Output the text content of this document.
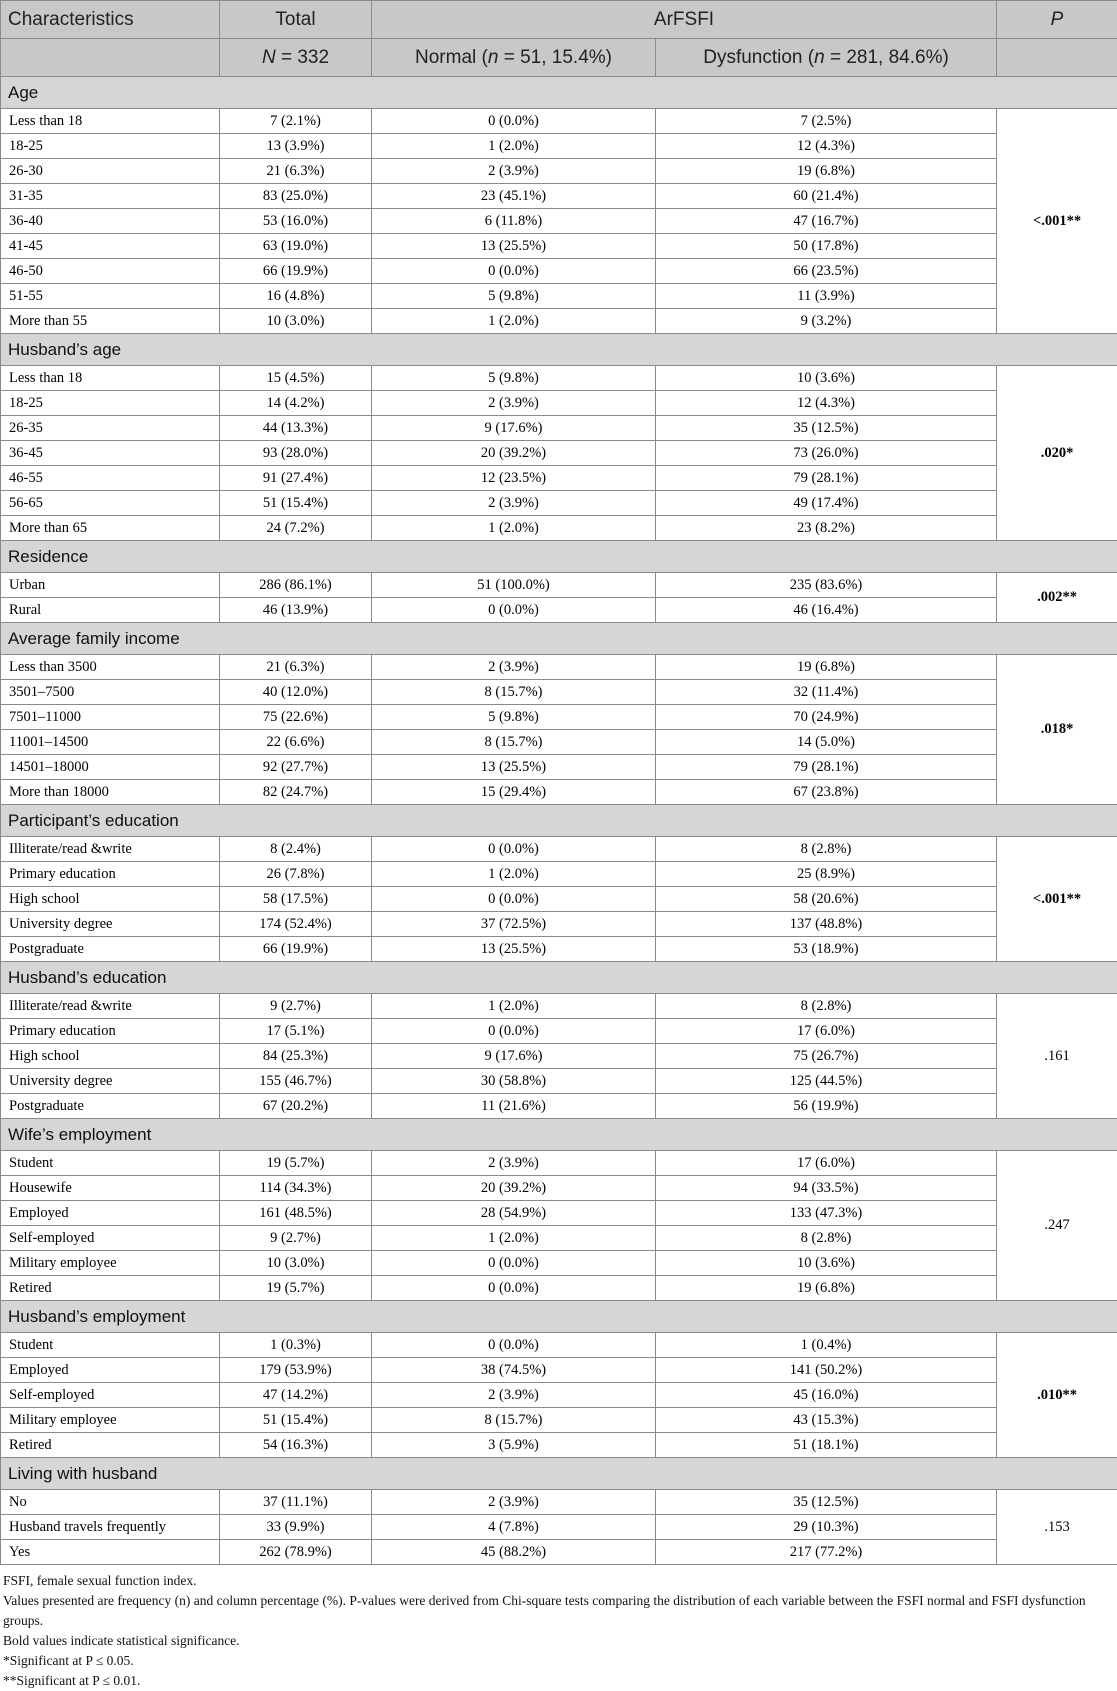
Characteristics	Total	ArFSFI		P
	N = 332	Normal (n = 51, 15.4%)	Dysfunction (n = 281, 84.6%)	
Age				
Less than 18	7 (2.1%)	0 (0.0%)	7 (2.5%)	<.001**
18-25	13 (3.9%)	1 (2.0%)	12 (4.3%)	
26-30	21 (6.3%)	2 (3.9%)	19 (6.8%)	
31-35	83 (25.0%)	23 (45.1%)	60 (21.4%)	
36-40	53 (16.0%)	6 (11.8%)	47 (16.7%)	
41-45	63 (19.0%)	13 (25.5%)	50 (17.8%)	
46-50	66 (19.9%)	0 (0.0%)	66 (23.5%)	
51-55	16 (4.8%)	5 (9.8%)	11 (3.9%)	
More than 55	10 (3.0%)	1 (2.0%)	9 (3.2%)	
Husband’s age				
Less than 18	15 (4.5%)	5 (9.8%)	10 (3.6%)	.020*
18-25	14 (4.2%)	2 (3.9%)	12 (4.3%)	
26-35	44 (13.3%)	9 (17.6%)	35 (12.5%)	
36-45	93 (28.0%)	20 (39.2%)	73 (26.0%)	
46-55	91 (27.4%)	12 (23.5%)	79 (28.1%)	
56-65	51 (15.4%)	2 (3.9%)	49 (17.4%)	
More than 65	24 (7.2%)	1 (2.0%)	23 (8.2%)	
Residence				
Urban	286 (86.1%)	51 (100.0%)	235 (83.6%)	.002**
Rural	46 (13.9%)	0 (0.0%)	46 (16.4%)	
Average family income				
Less than 3500	21 (6.3%)	2 (3.9%)	19 (6.8%)	.018*
3501–7500	40 (12.0%)	8 (15.7%)	32 (11.4%)	
7501–11000	75 (22.6%)	5 (9.8%)	70 (24.9%)	
11001–14500	22 (6.6%)	8 (15.7%)	14 (5.0%)	
14501–18000	92 (27.7%)	13 (25.5%)	79 (28.1%)	
More than 18000	82 (24.7%)	15 (29.4%)	67 (23.8%)	
Participant’s education				
Illiterate/read &write	8 (2.4%)	0 (0.0%)	8 (2.8%)	<.001**
Primary education	26 (7.8%)	1 (2.0%)	25 (8.9%)	
High school	58 (17.5%)	0 (0.0%)	58 (20.6%)	
University degree	174 (52.4%)	37 (72.5%)	137 (48.8%)	
Postgraduate	66 (19.9%)	13 (25.5%)	53 (18.9%)	
Husband’s education				
Illiterate/read &write	9 (2.7%)	1 (2.0%)	8 (2.8%)	.161
Primary education	17 (5.1%)	0 (0.0%)	17 (6.0%)	
High school	84 (25.3%)	9 (17.6%)	75 (26.7%)	
University degree	155 (46.7%)	30 (58.8%)	125 (44.5%)	
Postgraduate	67 (20.2%)	11 (21.6%)	56 (19.9%)	
Wife’s employment				
Student	19 (5.7%)	2 (3.9%)	17 (6.0%)	.247
Housewife	114 (34.3%)	20 (39.2%)	94 (33.5%)	
Employed	161 (48.5%)	28 (54.9%)	133 (47.3%)	
Self-employed	9 (2.7%)	1 (2.0%)	8 (2.8%)	
Military employee	10 (3.0%)	0 (0.0%)	10 (3.6%)	
Retired	19 (5.7%)	0 (0.0%)	19 (6.8%)	
Husband’s employment				
Student	1 (0.3%)	0 (0.0%)	1 (0.4%)	.010**
Employed	179 (53.9%)	38 (74.5%)	141 (50.2%)	
Self-employed	47 (14.2%)	2 (3.9%)	45 (16.0%)	
Military employee	51 (15.4%)	8 (15.7%)	43 (15.3%)	
Retired	54 (16.3%)	3 (5.9%)	51 (18.1%)	
Living with husband				
No	37 (11.1%)	2 (3.9%)	35 (12.5%)	.153
Husband travels frequently	33 (9.9%)	4 (7.8%)	29 (10.3%)	
Yes	262 (78.9%)	45 (88.2%)	217 (77.2%)	
FSFI, female sexual function index.
Values presented are frequency (n) and column percentage (%). P-values were derived from Chi-square tests comparing the distribution of each variable between the FSFI normal and FSFI dysfunction groups.
Bold values indicate statistical significance.
*Significant at P ≤ 0.05.
**Significant at P ≤ 0.01.
